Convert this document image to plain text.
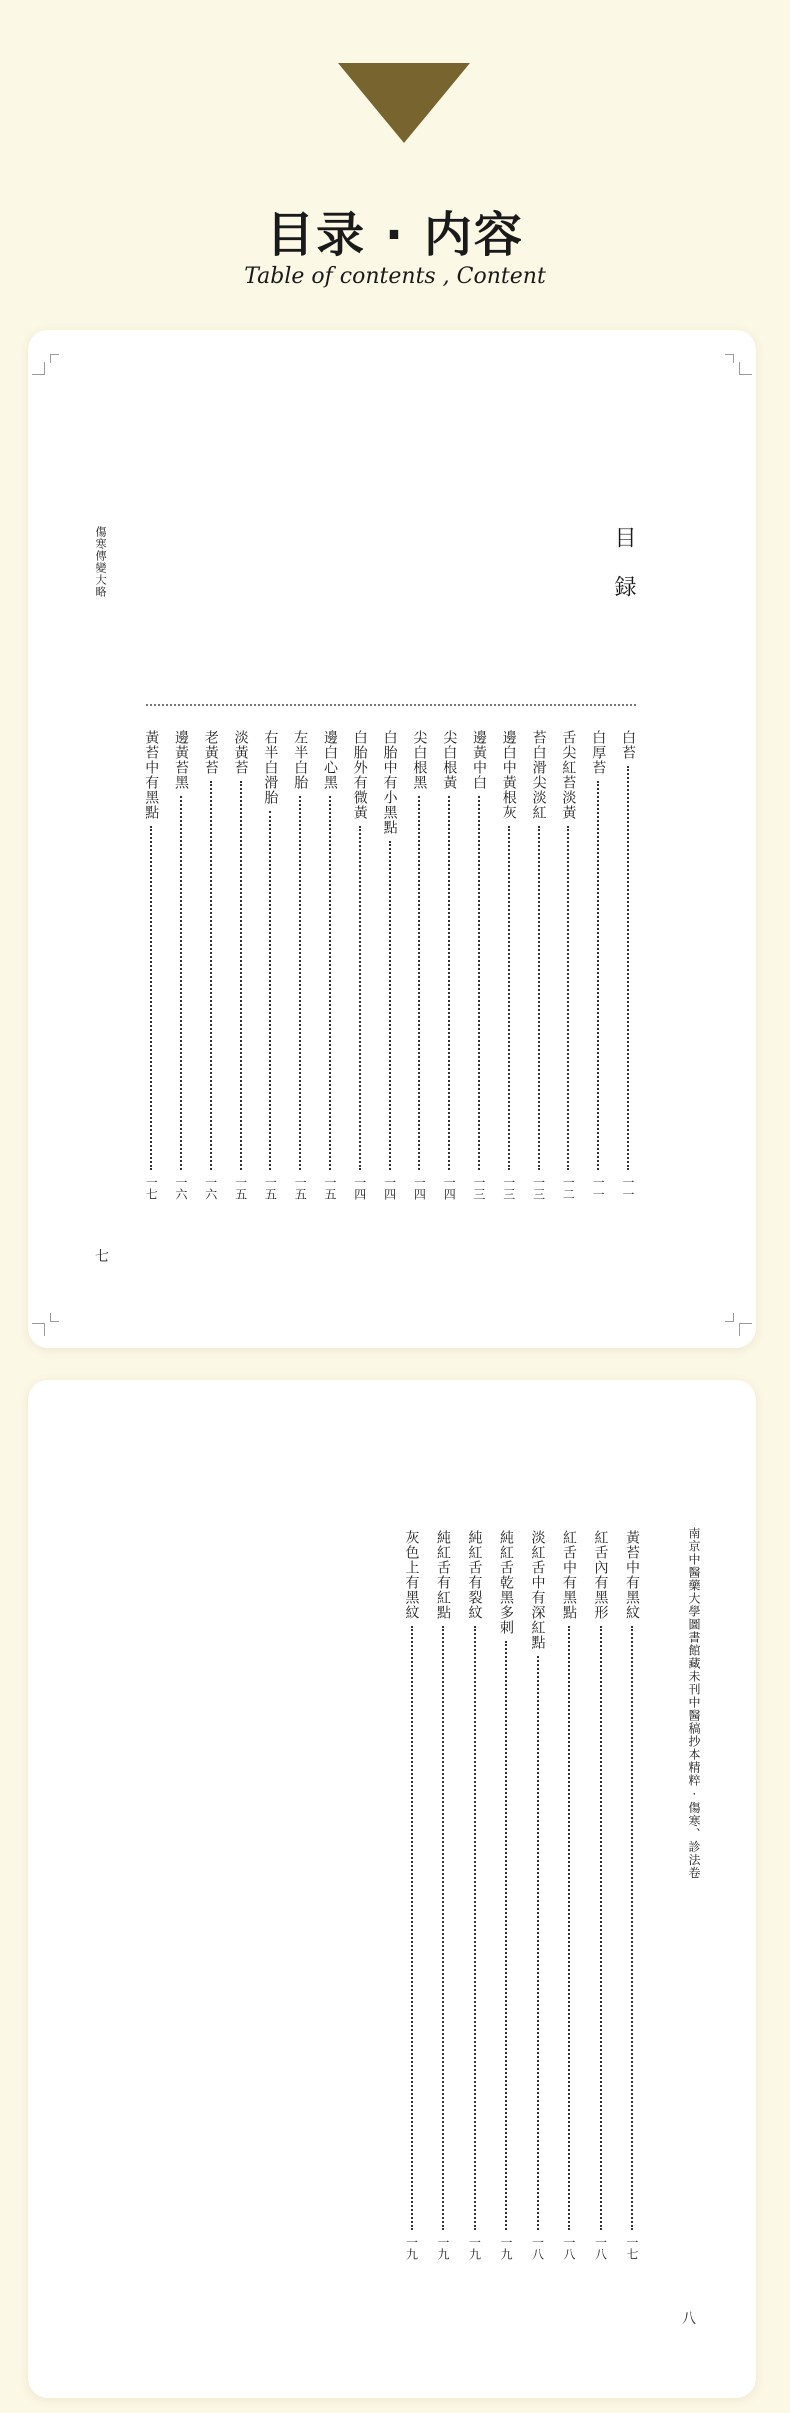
目录 · 内容
Table of contents , Content
傷寒傳變大略	目 録
白苔
一一
白厚苔
一一
舌尖紅苔淡黃
一二
苔白滑尖淡紅
一三
邊白中黃根灰
一三
邊黃中白
一三
尖白根黃
一四
尖白根黑
一四
白胎中有小黑點
一四
白胎外有微黃
一四
邊白心黑
一五
左半白胎
一五
右半白滑胎
一五
淡黃苔
一五
老黃苔
一六
邊黃苔黑
一六
黃苔中有黑點
一七
七
南京中醫藥大學圖書館藏未刊中醫稿抄本精粹 · 傷寒、診法卷
黃苔中有黑紋
一七
紅舌內有黑形
一八
紅舌中有黑點
一八
淡紅舌中有深紅點
一八
純紅舌乾黑多刺
一九
純紅舌有裂紋
一九
純紅舌有紅點
一九
灰色上有黑紋
一九
八
